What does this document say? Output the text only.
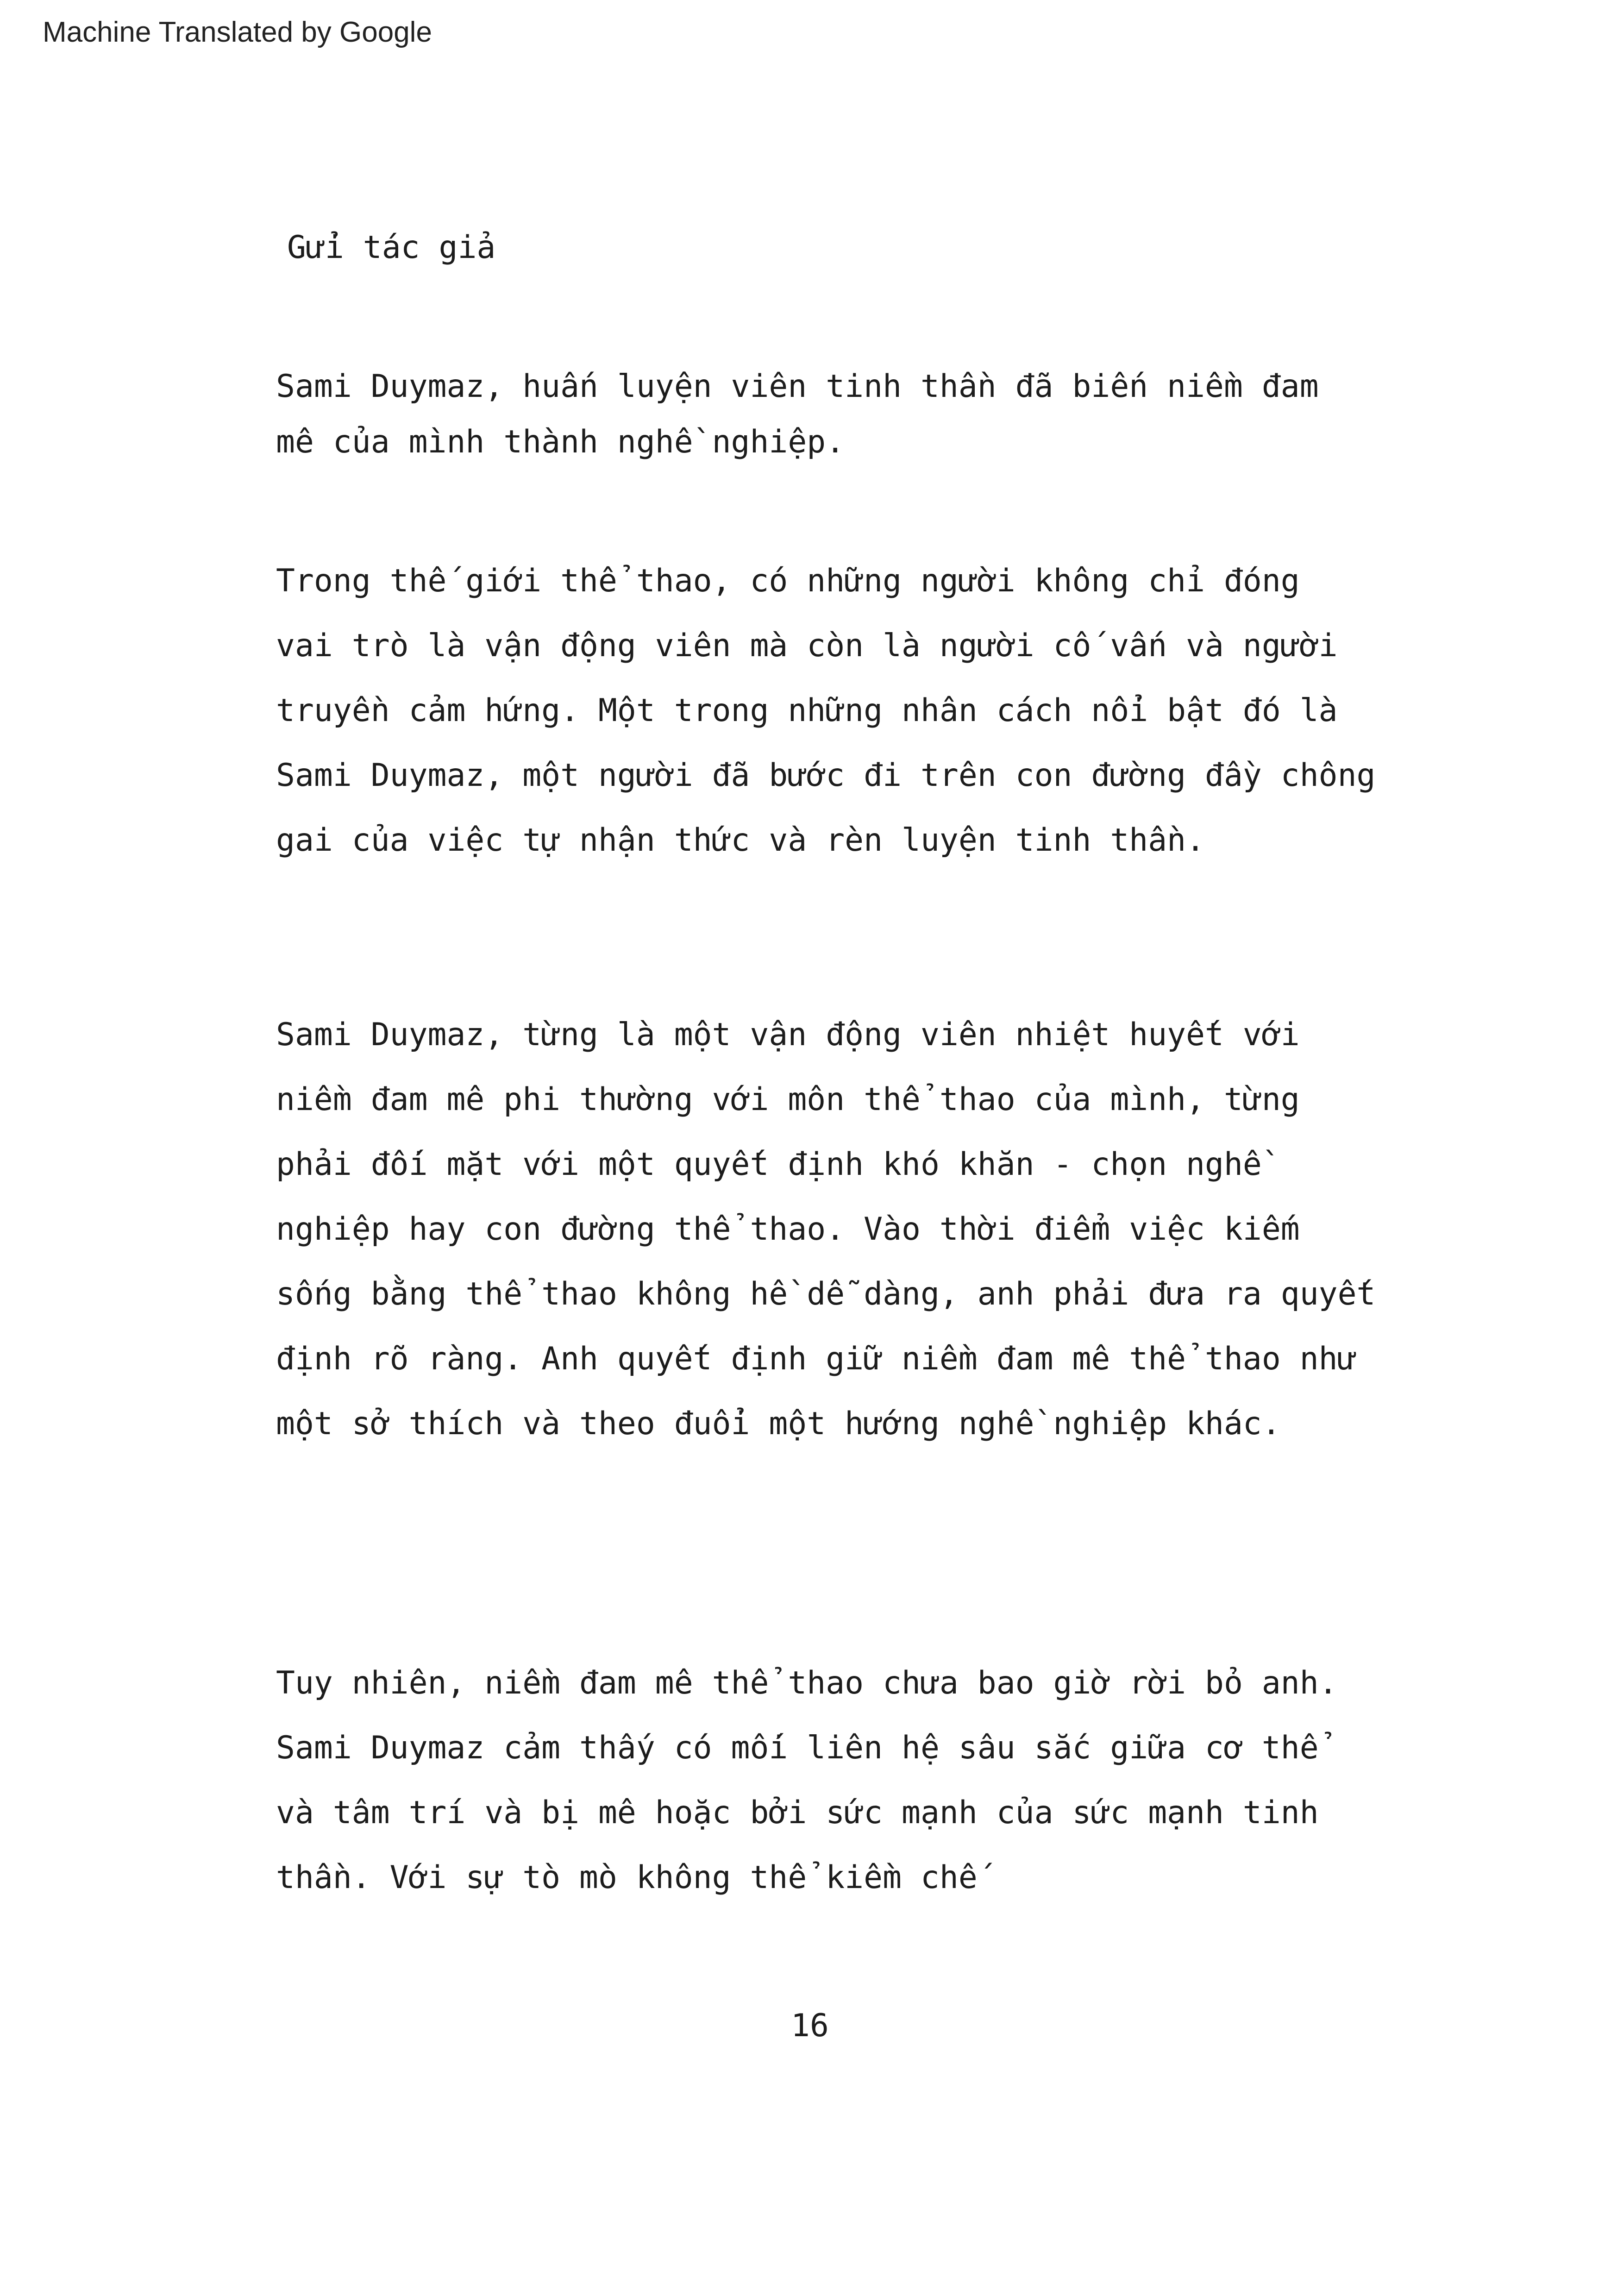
Machine Translated by Google
Gửi tác giả
Sami Duymaz, huấn luyện viên tinh thần đã biến niềm đam
mê của mình thành nghề nghiệp.
Trong thế giới thể thao, có những người không chỉ đóng
vai trò là vận động viên mà còn là người cố vấn và người
truyền cảm hứng. Một trong những nhân cách nổi bật đó là
Sami Duymaz, một người đã bước đi trên con đường đầy chông
gai của việc tự nhận thức và rèn luyện tinh thần.
Sami Duymaz, từng là một vận động viên nhiệt huyết với
niềm đam mê phi thường với môn thể thao của mình, từng
phải đối mặt với một quyết định khó khăn - chọn nghề
nghiệp hay con đường thể thao. Vào thời điểm việc kiếm
sống bằng thể thao không hề dễ dàng, anh phải đưa ra quyết
định rõ ràng. Anh quyết định giữ niềm đam mê thể thao như
một sở thích và theo đuổi một hướng nghề nghiệp khác.
Tuy nhiên, niềm đam mê thể thao chưa bao giờ rời bỏ anh.
Sami Duymaz cảm thấy có mối liên hệ sâu sắc giữa cơ thể
và tâm trí và bị mê hoặc bởi sức mạnh của sức mạnh tinh
thần. Với sự tò mò không thể kiềm chế
16
